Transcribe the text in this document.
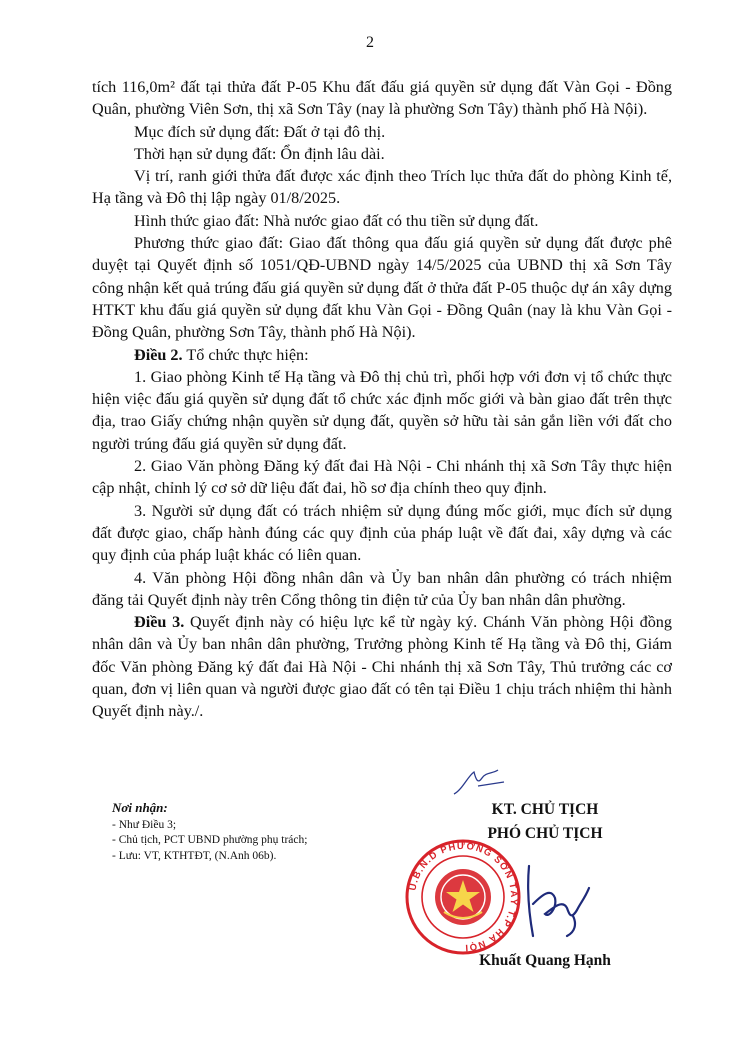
2

tích 116,0m² đất tại thửa đất P-05 Khu đất đấu giá quyền sử dụng đất Vàn Gọi - Đồng Quân, phường Viên Sơn, thị xã Sơn Tây (nay là phường Sơn Tây) thành phố Hà Nội).

Mục đích sử dụng đất: Đất ở tại đô thị.

Thời hạn sử dụng đất: Ổn định lâu dài.

Vị trí, ranh giới thửa đất được xác định theo Trích lục thửa đất do phòng Kinh tế, Hạ tầng và Đô thị lập ngày 01/8/2025.

Hình thức giao đất: Nhà nước giao đất có thu tiền sử dụng đất.

Phương thức giao đất: Giao đất thông qua đấu giá quyền sử dụng đất được phê duyệt tại Quyết định số 1051/QĐ-UBND ngày 14/5/2025 của UBND thị xã Sơn Tây công nhận kết quả trúng đấu giá quyền sử dụng đất ở thửa đất P-05 thuộc dự án xây dựng HTKT khu đấu giá quyền sử dụng đất khu Vàn Gọi - Đồng Quân (nay là khu Vàn Gọi - Đồng Quân, phường Sơn Tây, thành phố Hà Nội).

Điều 2. Tổ chức thực hiện:

1. Giao phòng Kinh tế Hạ tầng và Đô thị chủ trì, phối hợp với đơn vị tổ chức thực hiện việc đấu giá quyền sử dụng đất tổ chức xác định mốc giới và bàn giao đất trên thực địa, trao Giấy chứng nhận quyền sử dụng đất, quyền sở hữu tài sản gắn liền với đất cho người trúng đấu giá quyền sử dụng đất.

2. Giao Văn phòng Đăng ký đất đai Hà Nội - Chi nhánh thị xã Sơn Tây thực hiện cập nhật, chỉnh lý cơ sở dữ liệu đất đai, hồ sơ địa chính theo quy định.

3. Người sử dụng đất có trách nhiệm sử dụng đúng mốc giới, mục đích sử dụng đất được giao, chấp hành đúng các quy định của pháp luật về đất đai, xây dựng và các quy định của pháp luật khác có liên quan.

4. Văn phòng Hội đồng nhân dân và Ủy ban nhân dân phường có trách nhiệm đăng tải Quyết định này trên Cổng thông tin điện tử của Ủy ban nhân dân phường.

Điều 3. Quyết định này có hiệu lực kể từ ngày ký. Chánh Văn phòng Hội đồng nhân dân và Ủy ban nhân dân phường, Trưởng phòng Kinh tế Hạ tầng và Đô thị, Giám đốc Văn phòng Đăng ký đất đai Hà Nội - Chi nhánh thị xã Sơn Tây, Thủ trưởng các cơ quan, đơn vị liên quan và người được giao đất có tên tại Điều 1 chịu trách nhiệm thi hành Quyết định này./.

Nơi nhận:
- Như Điều 3;
- Chủ tịch, PCT UBND phường phụ trách;
- Lưu: VT, KTHTĐT, (N.Anh 06b).
KT. CHỦ TỊCH
PHÓ CHỦ TỊCH
U.B.N.D PHƯỜNG SƠN TÂY T.P HÀ NỘI
Khuất Quang Hạnh
